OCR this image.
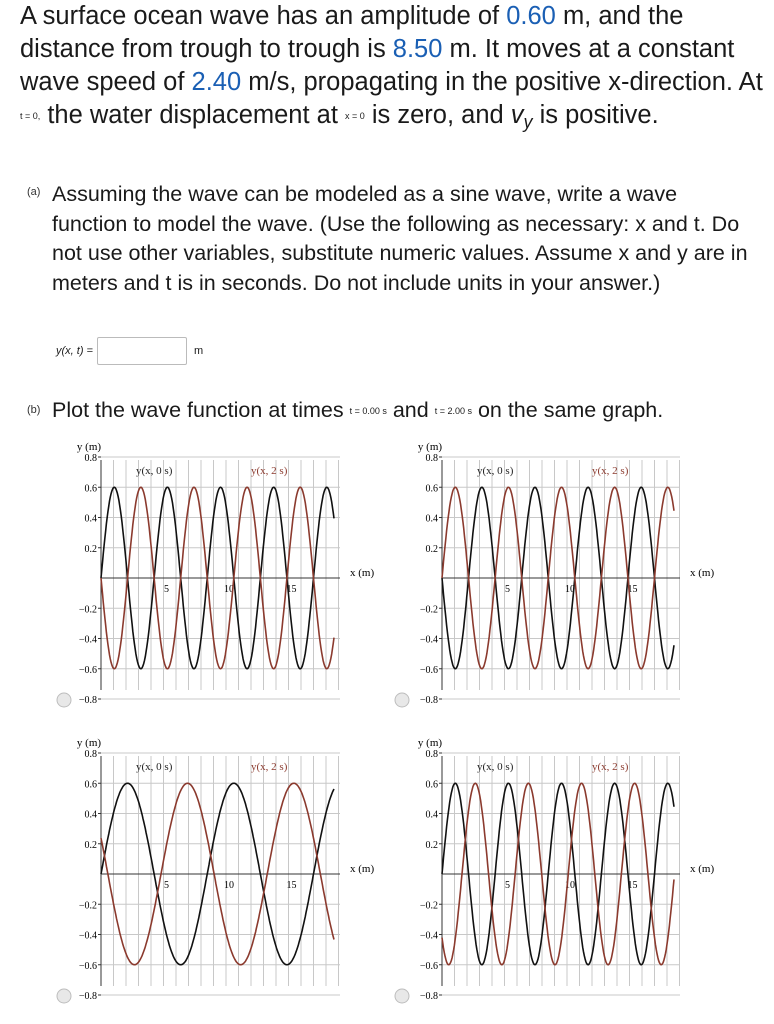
A surface ocean wave has an amplitude of 0.60 m, and the distance from trough to trough is 8.50 m. It moves at a constant wave speed of 2.40 m/s, propagating in the positive x-direction. At t = 0, the water displacement at x = 0 is zero, and $v_y$ is positive.
(a) Assuming the wave can be modeled as a sine wave, write a wave function to model the wave. (Use the following as necessary: x and t. Do not use other variables, substitute numeric values. Assume x and y are in meters and t is in seconds. Do not include units in your answer.)
y(x, t) =	m
(b) Plot the wave function at times t = 0.00 s and t = 2.00 s on the same graph.
y (m)
x (m)
0.8
0.6
0.4
0.2
−0.2
−0.4
−0.6
−0.8
5	10	15
y(x, 0 s)	y(x, 2 s)
y (m)
x (m)
0.8
0.6
0.4
0.2
−0.2
−0.4
−0.6
−0.8
5	10	15
y(x, 0 s)	y(x, 2 s)
y (m)
x (m)
0.8
0.6
0.4
0.2
−0.2
−0.4
−0.6
−0.8
5	10	15
y(x, 0 s)	y(x, 2 s)
y (m)
x (m)
0.8
0.6
0.4
0.2
−0.2
−0.4
−0.6
−0.8
5	10	15
y(x, 0 s)	y(x, 2 s)
